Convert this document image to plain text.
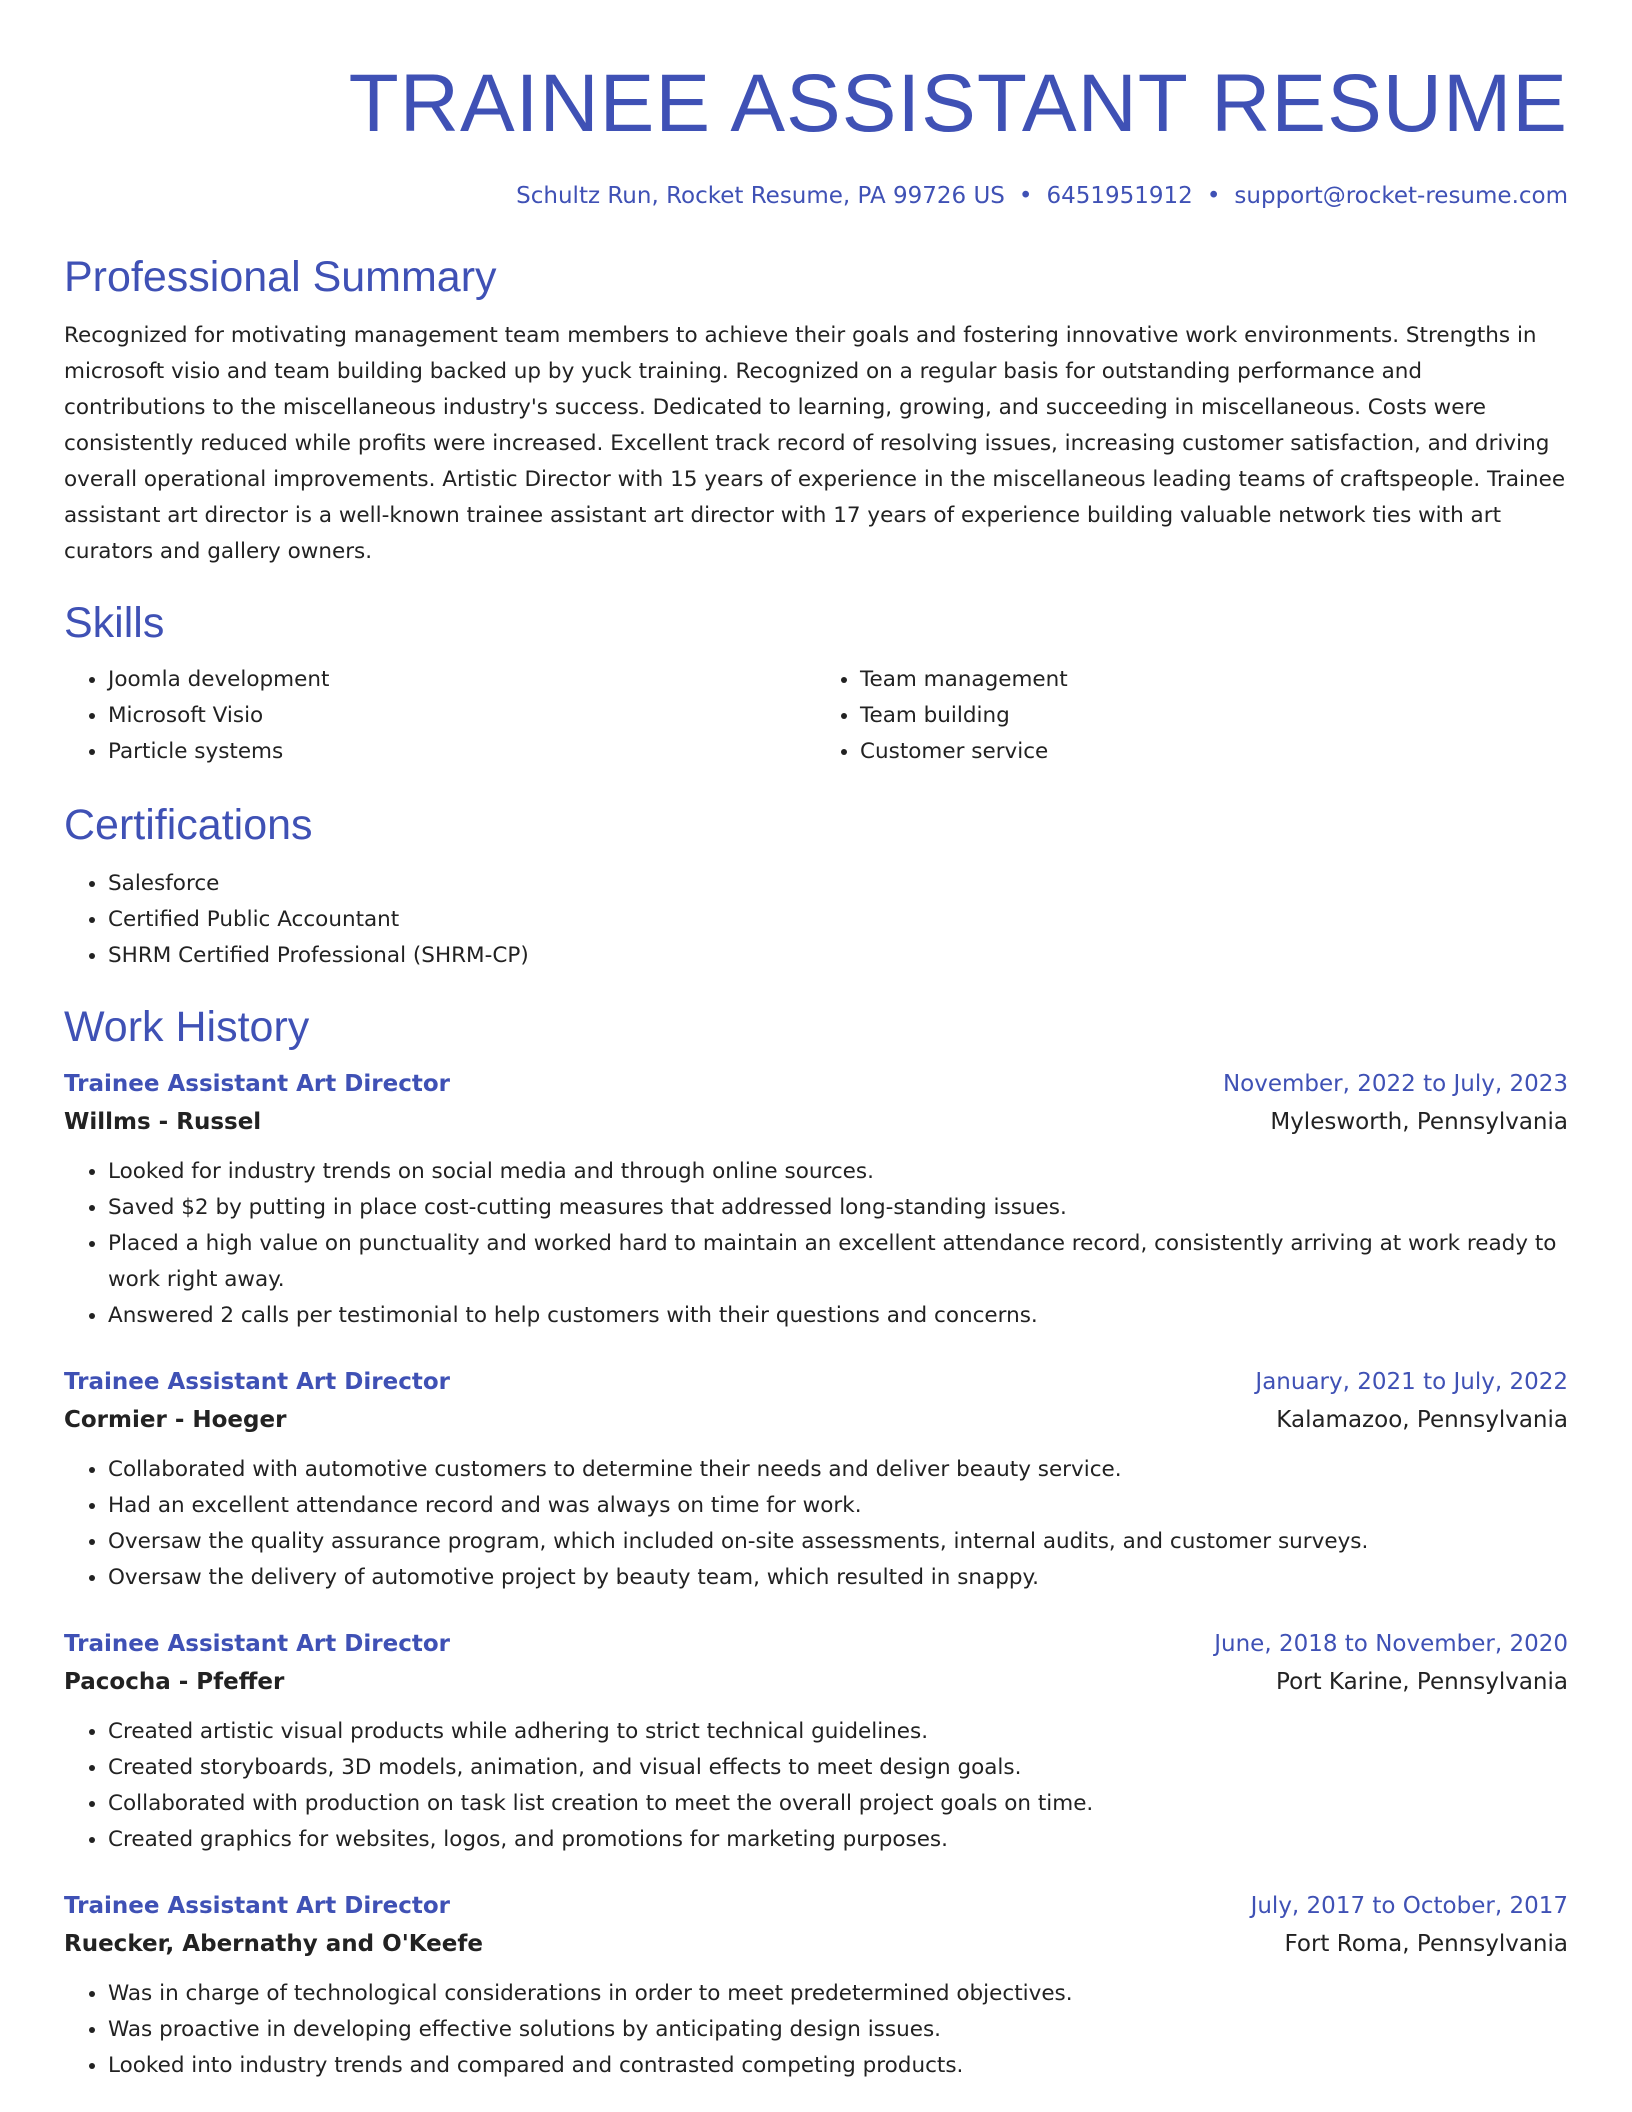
TRAINEE ASSISTANT RESUME
Schultz Run, Rocket Resume, PA 99726 US • 6451951912 • support@rocket-resume.com
Professional Summary
Recognized for motivating management team members to achieve their goals and fostering innovative work environments. Strengths in microsoft visio and team building backed up by yuck training. Recognized on a regular basis for outstanding performance and contributions to the miscellaneous industry's success. Dedicated to learning, growing, and succeeding in miscellaneous. Costs were consistently reduced while profits were increased. Excellent track record of resolving issues, increasing customer satisfaction, and driving overall operational improvements. Artistic Director with 15 years of experience in the miscellaneous leading teams of craftspeople. Trainee assistant art director is a well-known trainee assistant art director with 17 years of experience building valuable network ties with art curators and gallery owners.
Skills
• Joomla development
• Microsoft Visio
• Particle systems
• Team management
• Team building
• Customer service
Certifications
• Salesforce
• Certified Public Accountant
• SHRM Certified Professional (SHRM-CP)
Work History
Trainee Assistant Art Director	November, 2022 to July, 2023
Willms - Russel	Mylesworth, Pennsylvania
• Looked for industry trends on social media and through online sources.
• Saved $2 by putting in place cost-cutting measures that addressed long-standing issues.
• Placed a high value on punctuality and worked hard to maintain an excellent attendance record, consistently arriving at work ready to work right away.
• Answered 2 calls per testimonial to help customers with their questions and concerns.
Trainee Assistant Art Director	January, 2021 to July, 2022
Cormier - Hoeger	Kalamazoo, Pennsylvania
• Collaborated with automotive customers to determine their needs and deliver beauty service.
• Had an excellent attendance record and was always on time for work.
• Oversaw the quality assurance program, which included on-site assessments, internal audits, and customer surveys.
• Oversaw the delivery of automotive project by beauty team, which resulted in snappy.
Trainee Assistant Art Director	June, 2018 to November, 2020
Pacocha - Pfeffer	Port Karine, Pennsylvania
• Created artistic visual products while adhering to strict technical guidelines.
• Created storyboards, 3D models, animation, and visual effects to meet design goals.
• Collaborated with production on task list creation to meet the overall project goals on time.
• Created graphics for websites, logos, and promotions for marketing purposes.
Trainee Assistant Art Director	July, 2017 to October, 2017
Ruecker, Abernathy and O'Keefe	Fort Roma, Pennsylvania
• Was in charge of technological considerations in order to meet predetermined objectives.
• Was proactive in developing effective solutions by anticipating design issues.
• Looked into industry trends and compared and contrasted competing products.
